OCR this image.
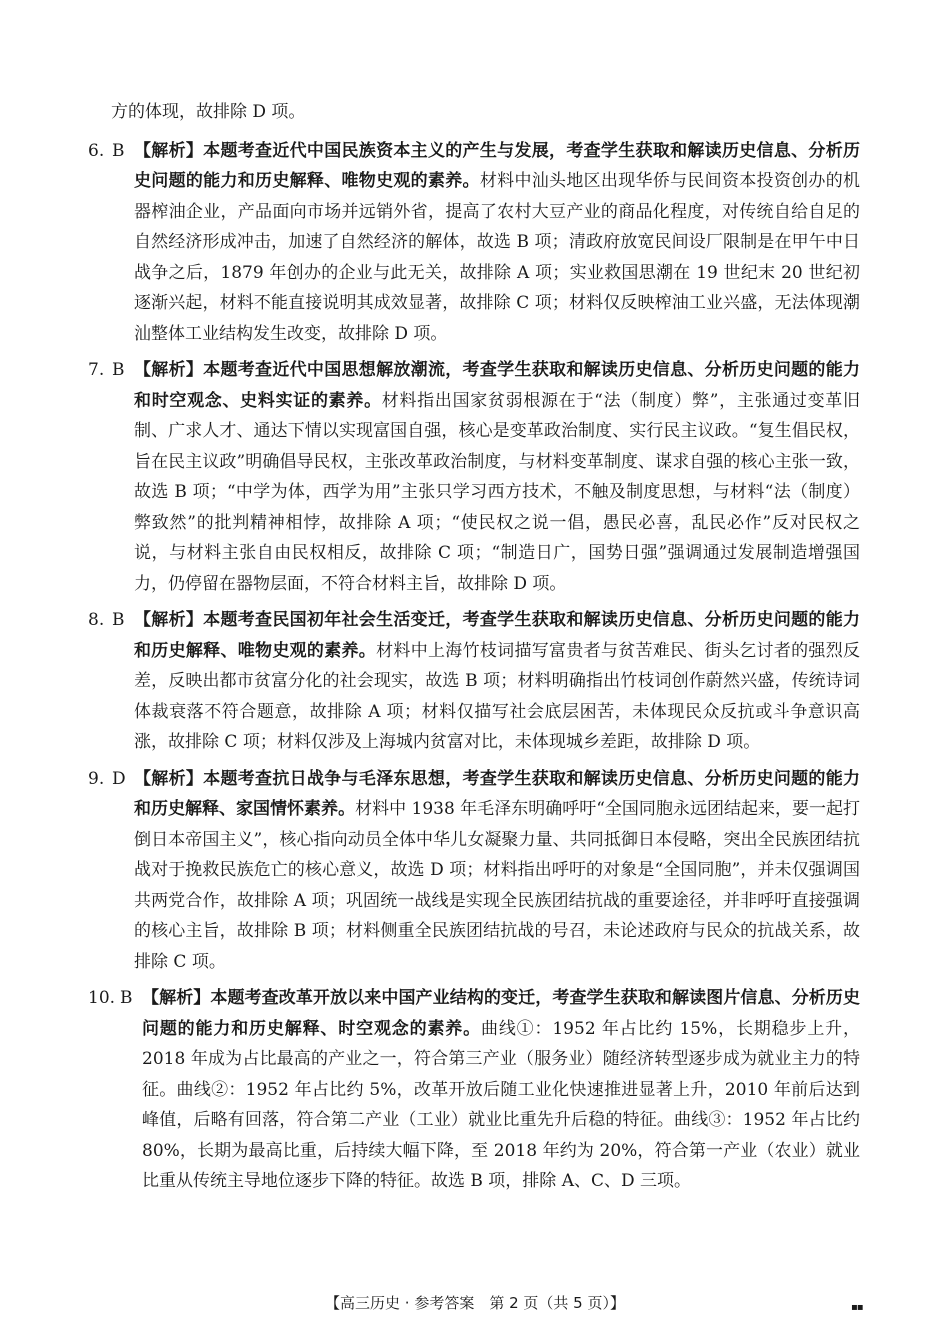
方的体现，故排除 D 项。

6. B 【解析】本题考查近代中国民族资本主义的产生与发展，考查学生获取和解读历史信息、分析历史问题的能力和历史解释、唯物史观的素养。材料中汕头地区出现华侨与民间资本投资创办的机器榨油企业，产品面向市场并远销外省，提高了农村大豆产业的商品化程度，对传统自给自足的自然经济形成冲击，加速了自然经济的解体，故选 B 项；清政府放宽民间设厂限制是在甲午中日战争之后，1879 年创办的企业与此无关，故排除 A 项；实业救国思潮在 19 世纪末 20 世纪初逐渐兴起，材料不能直接说明其成效显著，故排除 C 项；材料仅反映榨油工业兴盛，无法体现潮汕整体工业结构发生改变，故排除 D 项。
7. B 【解析】本题考查近代中国思想解放潮流，考查学生获取和解读历史信息、分析历史问题的能力和时空观念、史料实证的素养。材料指出国家贫弱根源在于“法（制度）弊”，主张通过变革旧制、广求人才、通达下情以实现富国自强，核心是变革政治制度、实行民主议政。“复生倡民权，旨在民主议政”明确倡导民权，主张改革政治制度，与材料变革制度、谋求自强的核心主张一致，故选 B 项；“中学为体，西学为用”主张只学习西方技术，不触及制度思想，与材料“法（制度）弊致然”的批判精神相悖，故排除 A 项；“使民权之说一倡，愚民必喜，乱民必作”反对民权之说，与材料主张自由民权相反，故排除 C 项；“制造日广，国势日强”强调通过发展制造增强国力，仍停留在器物层面，不符合材料主旨，故排除 D 项。
8. B 【解析】本题考查民国初年社会生活变迁，考查学生获取和解读历史信息、分析历史问题的能力和历史解释、唯物史观的素养。材料中上海竹枝词描写富贵者与贫苦难民、街头乞讨者的强烈反差，反映出都市贫富分化的社会现实，故选 B 项；材料明确指出竹枝词创作蔚然兴盛，传统诗词体裁衰落不符合题意，故排除 A 项；材料仅描写社会底层困苦，未体现民众反抗或斗争意识高涨，故排除 C 项；材料仅涉及上海城内贫富对比，未体现城乡差距，故排除 D 项。
9. D 【解析】本题考查抗日战争与毛泽东思想，考查学生获取和解读历史信息、分析历史问题的能力和历史解释、家国情怀素养。材料中 1938 年毛泽东明确呼吁“全国同胞永远团结起来，要一起打倒日本帝国主义”，核心指向动员全体中华儿女凝聚力量、共同抵御日本侵略，突出全民族团结抗战对于挽救民族危亡的核心意义，故选 D 项；材料指出呼吁的对象是“全国同胞”，并未仅强调国共两党合作，故排除 A 项；巩固统一战线是实现全民族团结抗战的重要途径，并非呼吁直接强调的核心主旨，故排除 B 项；材料侧重全民族团结抗战的号召，未论述政府与民众的抗战关系，故排除 C 项。
10. B 【解析】本题考查改革开放以来中国产业结构的变迁，考查学生获取和解读图片信息、分析历史问题的能力和历史解释、时空观念的素养。曲线①：1952 年占比约 15%，长期稳步上升，2018 年成为占比最高的产业之一，符合第三产业（服务业）随经济转型逐步成为就业主力的特征。曲线②：1952 年占比约 5%，改革开放后随工业化快速推进显著上升，2010 年前后达到峰值，后略有回落，符合第二产业（工业）就业比重先升后稳的特征。曲线③：1952 年占比约 80%，长期为最高比重，后持续大幅下降，至 2018 年约为 20%，符合第一产业（农业）就业比重从传统主导地位逐步下降的特征。故选 B 项，排除 A、C、D 三项。
【高三历史 · 参考答案　第 2 页（共 5 页）】	▪▪
